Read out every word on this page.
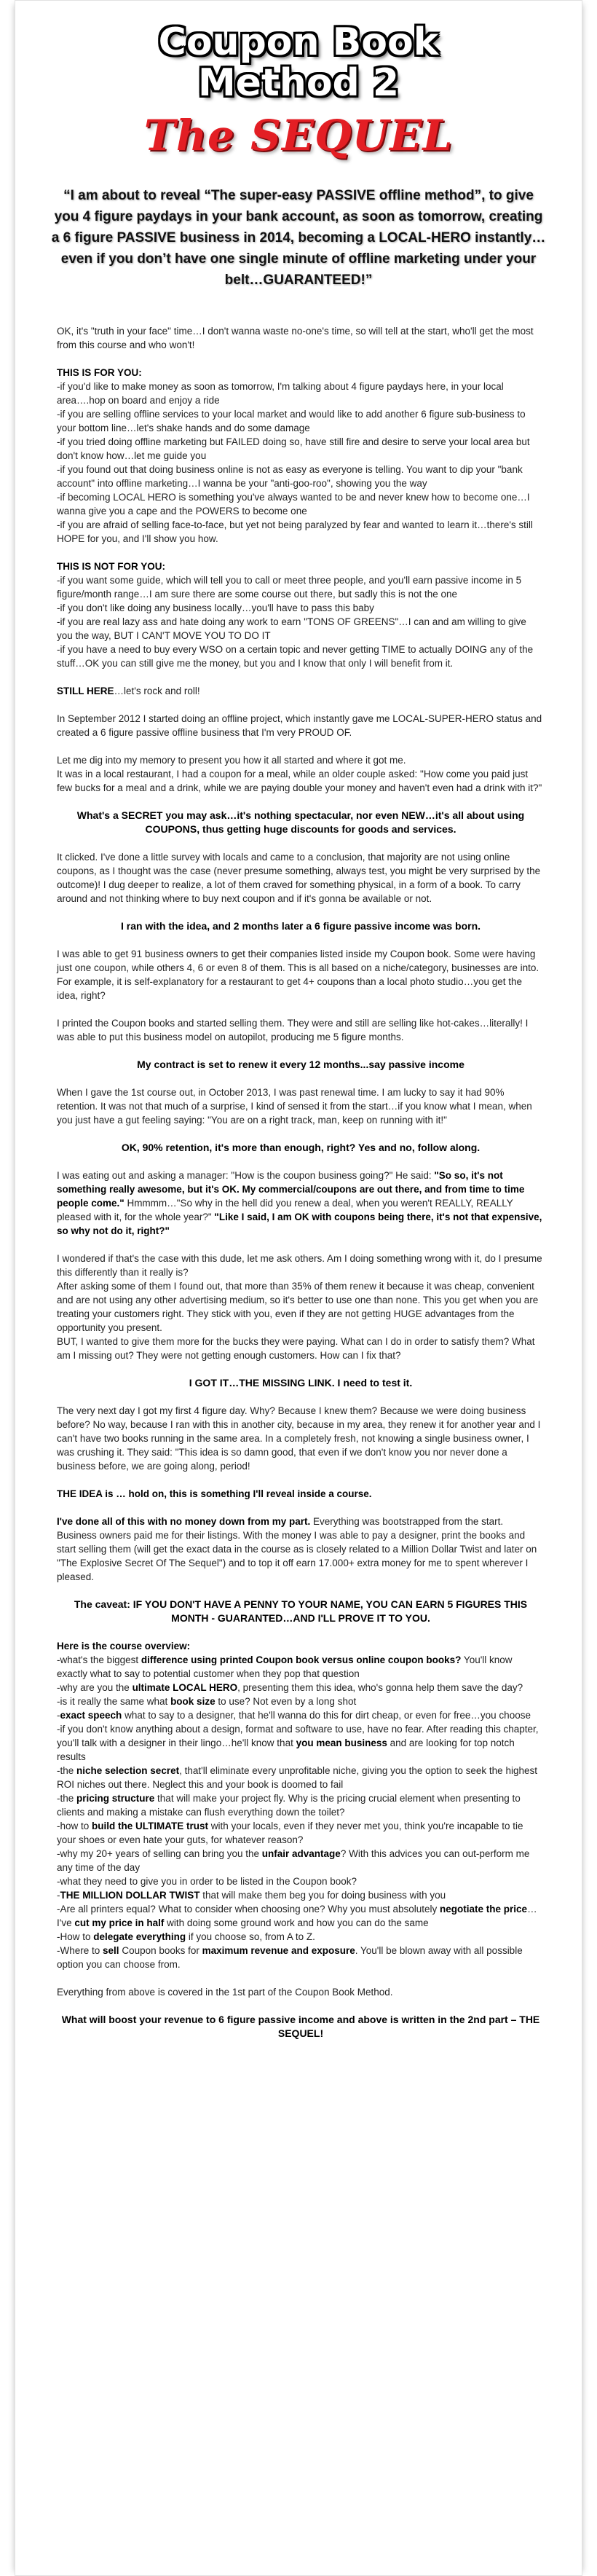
Coupon Book
Method 2
The SEQUEL
“I am about to reveal “The super-easy PASSIVE offline method”, to give you 4 figure paydays in your bank account, as soon as tomorrow, creating a 6 figure PASSIVE business in 2014, becoming a LOCAL-HERO instantly…even if you don’t have one single minute of offline marketing under your belt…GUARANTEED!”

OK, it's "truth in your face" time…I don't wanna waste no-one's time, so will tell at the start, who'll get the most from this course and who won't!

THIS IS FOR YOU:
-if you'd like to make money as soon as tomorrow, I'm talking about 4 figure paydays here, in your local area….hop on board and enjoy a ride
-if you are selling offline services to your local market and would like to add another 6 figure sub-business to your bottom line…let's shake hands and do some damage
-if you tried doing offline marketing but FAILED doing so, have still fire and desire to serve your local area but don't know how…let me guide you
-if you found out that doing business online is not as easy as everyone is telling. You want to dip your "bank account" into offline marketing…I wanna be your "anti-goo-roo", showing you the way
-if becoming LOCAL HERO is something you've always wanted to be and never knew how to become one…I wanna give you a cape and the POWERS to become one
-if you are afraid of selling face-to-face, but yet not being paralyzed by fear and wanted to learn it…there's still HOPE for you, and I'll show you how.

THIS IS NOT FOR YOU:
-if you want some guide, which will tell you to call or meet three people, and you'll earn passive income in 5 figure/month range…I am sure there are some course out there, but sadly this is not the one
-if you don't like doing any business locally…you'll have to pass this baby
-if you are real lazy ass and hate doing any work to earn "TONS OF GREENS"…I can and am willing to give you the way, BUT I CAN'T MOVE YOU TO DO IT
-if you have a need to buy every WSO on a certain topic and never getting TIME to actually DOING any of the stuff…OK you can still give me the money, but you and I know that only I will benefit from it.

STILL HERE…let's rock and roll!

In September 2012 I started doing an offline project, which instantly gave me LOCAL-SUPER-HERO status and created a 6 figure passive offline business that I'm very PROUD OF.

Let me dig into my memory to present you how it all started and where it got me.
It was in a local restaurant, I had a coupon for a meal, while an older couple asked: "How come you paid just few bucks for a meal and a drink, while we are paying double your money and haven't even had a drink with it?"

What's a SECRET you may ask…it's nothing spectacular, nor even NEW…it's all about using COUPONS, thus getting huge discounts for goods and services.

It clicked. I've done a little survey with locals and came to a conclusion, that majority are not using online coupons, as I thought was the case (never presume something, always test, you might be very surprised by the outcome)! I dug deeper to realize, a lot of them craved for something physical, in a form of a book. To carry around and not thinking where to buy next coupon and if it's gonna be available or not.

I ran with the idea, and 2 months later a 6 figure passive income was born.

I was able to get 91 business owners to get their companies listed inside my Coupon book. Some were having just one coupon, while others 4, 6 or even 8 of them. This is all based on a niche/category, businesses are into. For example, it is self-explanatory for a restaurant to get 4+ coupons than a local photo studio…you get the idea, right?

I printed the Coupon books and started selling them. They were and still are selling like hot-cakes…literally! I was able to put this business model on autopilot, producing me 5 figure months.

My contract is set to renew it every 12 months...say passive income

When I gave the 1st course out, in October 2013, I was past renewal time. I am lucky to say it had 90% retention. It was not that much of a surprise, I kind of sensed it from the start…if you know what I mean, when you just have a gut feeling saying: "You are on a right track, man, keep on running with it!"

OK, 90% retention, it's more than enough, right? Yes and no, follow along.

I was eating out and asking a manager: "How is the coupon business going?" He said: "So so, it's not something really awesome, but it's OK. My commercial/coupons are out there, and from time to time people come." Hmmmm…"So why in the hell did you renew a deal, when you weren't REALLY, REALLY pleased with it, for the whole year?" "Like I said, I am OK with coupons being there, it's not that expensive, so why not do it, right?"

I wondered if that's the case with this dude, let me ask others. Am I doing something wrong with it, do I presume this differently than it really is?
After asking some of them I found out, that more than 35% of them renew it because it was cheap, convenient and are not using any other advertising medium, so it's better to use one than none. This you get when you are treating your customers right. They stick with you, even if they are not getting HUGE advantages from the opportunity you present.
BUT, I wanted to give them more for the bucks they were paying. What can I do in order to satisfy them? What am I missing out? They were not getting enough customers. How can I fix that?

I GOT IT…THE MISSING LINK. I need to test it.

The very next day I got my first 4 figure day. Why? Because I knew them? Because we were doing business before? No way, because I ran with this in another city, because in my area, they renew it for another year and I can't have two books running in the same area. In a completely fresh, not knowing a single business owner, I was crushing it. They said: "This idea is so damn good, that even if we don't know you nor never done a business before, we are going along, period!

THE IDEA is … hold on, this is something I'll reveal inside a course.

I've done all of this with no money down from my part. Everything was bootstrapped from the start. Business owners paid me for their listings. With the money I was able to pay a designer, print the books and start selling them (will get the exact data in the course as is closely related to a Million Dollar Twist and later on "The Explosive Secret Of The Sequel") and to top it off earn 17.000+ extra money for me to spent wherever I pleased.

The caveat: IF YOU DON'T HAVE A PENNY TO YOUR NAME, YOU CAN EARN 5 FIGURES THIS MONTH - GUARANTED…AND I'LL PROVE IT TO YOU.

Here is the course overview:
-what's the biggest difference using printed Coupon book versus online coupon books? You'll know exactly what to say to potential customer when they pop that question
-why are you the ultimate LOCAL HERO, presenting them this idea, who's gonna help them save the day?
-is it really the same what book size to use? Not even by a long shot
-exact speech what to say to a designer, that he'll wanna do this for dirt cheap, or even for free…you choose
-if you don't know anything about a design, format and software to use, have no fear. After reading this chapter, you'll talk with a designer in their lingo…he'll know that you mean business and are looking for top notch results
-the niche selection secret, that'll eliminate every unprofitable niche, giving you the option to seek the highest ROI niches out there. Neglect this and your book is doomed to fail
-the pricing structure that will make your project fly. Why is the pricing crucial element when presenting to clients and making a mistake can flush everything down the toilet?
-how to build the ULTIMATE trust with your locals, even if they never met you, think you're incapable to tie your shoes or even hate your guts, for whatever reason?
-why my 20+ years of selling can bring you the unfair advantage? With this advices you can out-perform me any time of the day
-what they need to give you in order to be listed in the Coupon book?
-THE MILLION DOLLAR TWIST that will make them beg you for doing business with you
-Are all printers equal? What to consider when choosing one? Why you must absolutely negotiate the price…I've cut my price in half with doing some ground work and how you can do the same
-How to delegate everything if you choose so, from A to Z.
-Where to sell Coupon books for maximum revenue and exposure. You'll be blown away with all possible option you can choose from.

Everything from above is covered in the 1st part of the Coupon Book Method.

What will boost your revenue to 6 figure passive income and above is written in the 2nd part – THE SEQUEL!
